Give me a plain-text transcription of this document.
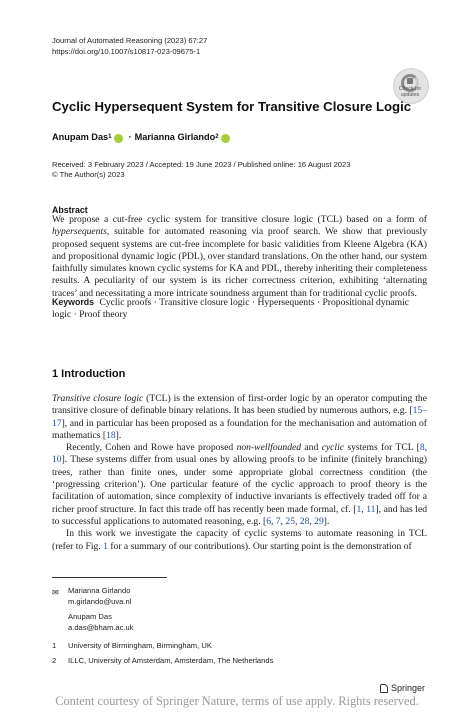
Journal of Automated Reasoning (2023) 67:27
https://doi.org/10.1007/s10817-023-09675-1
Check for
updates
Cyclic Hypersequent System for Transitive Closure Logic
Anupam Das 1 · Marianna Girlando 2
Received: 3 February 2023 / Accepted: 19 June 2023 / Published online: 16 August 2023
© The Author(s) 2023
Abstract
We propose a cut-free cyclic system for transitive closure logic (TCL) based on a form of hypersequents, suitable for automated reasoning via proof search. We show that previously proposed sequent systems are cut-free incomplete for basic validities from Kleene Algebra (KA) and propositional dynamic logic (PDL), over standard translations. On the other hand, our system faithfully simulates known cyclic systems for KA and PDL, thereby inheriting their completeness results. A peculiarity of our system is its richer correctness criterion, exhibiting ‘alternating traces’ and necessitating a more intricate soundness argument than for traditional cyclic proofs.
Keywords Cyclic proofs · Transitive closure logic · Hypersequents · Propositional dynamic logic · Proof theory
1 Introduction

Transitive closure logic (TCL) is the extension of first-order logic by an operator computing the transitive closure of definable binary relations. It has been studied by numerous authors, e.g. [15–17], and in particular has been proposed as a foundation for the mechanisation and automation of mathematics [18].

Recently, Cohen and Rowe have proposed non-wellfounded and cyclic systems for TCL [8, 10]. These systems differ from usual ones by allowing proofs to be infinite (finitely branching) trees, rather than finite ones, under some appropriate global correctness condition (the ‘progressing criterion’). One particular feature of the cyclic approach to proof theory is the facilitation of automation, since complexity of inductive invariants is effectively traded off for a richer proof structure. In fact this trade off has recently been made formal, cf. [1, 11], and has led to successful applications to automated reasoning, e.g. [6, 7, 25, 28, 29].

In this work we investigate the capacity of cyclic systems to automate reasoning in TCL (refer to Fig. 1 for a summary of our contributions). Our starting point is the demonstration of

✉ Marianna Girlando
m.girlando@uva.nl
Anupam Das
a.das@bham.ac.uk
1 University of Birmingham, Birmingham, UK
2 ILLC, University of Amsterdam, Amsterdam, The Netherlands
Springer
Content courtesy of Springer Nature, terms of use apply. Rights reserved.
